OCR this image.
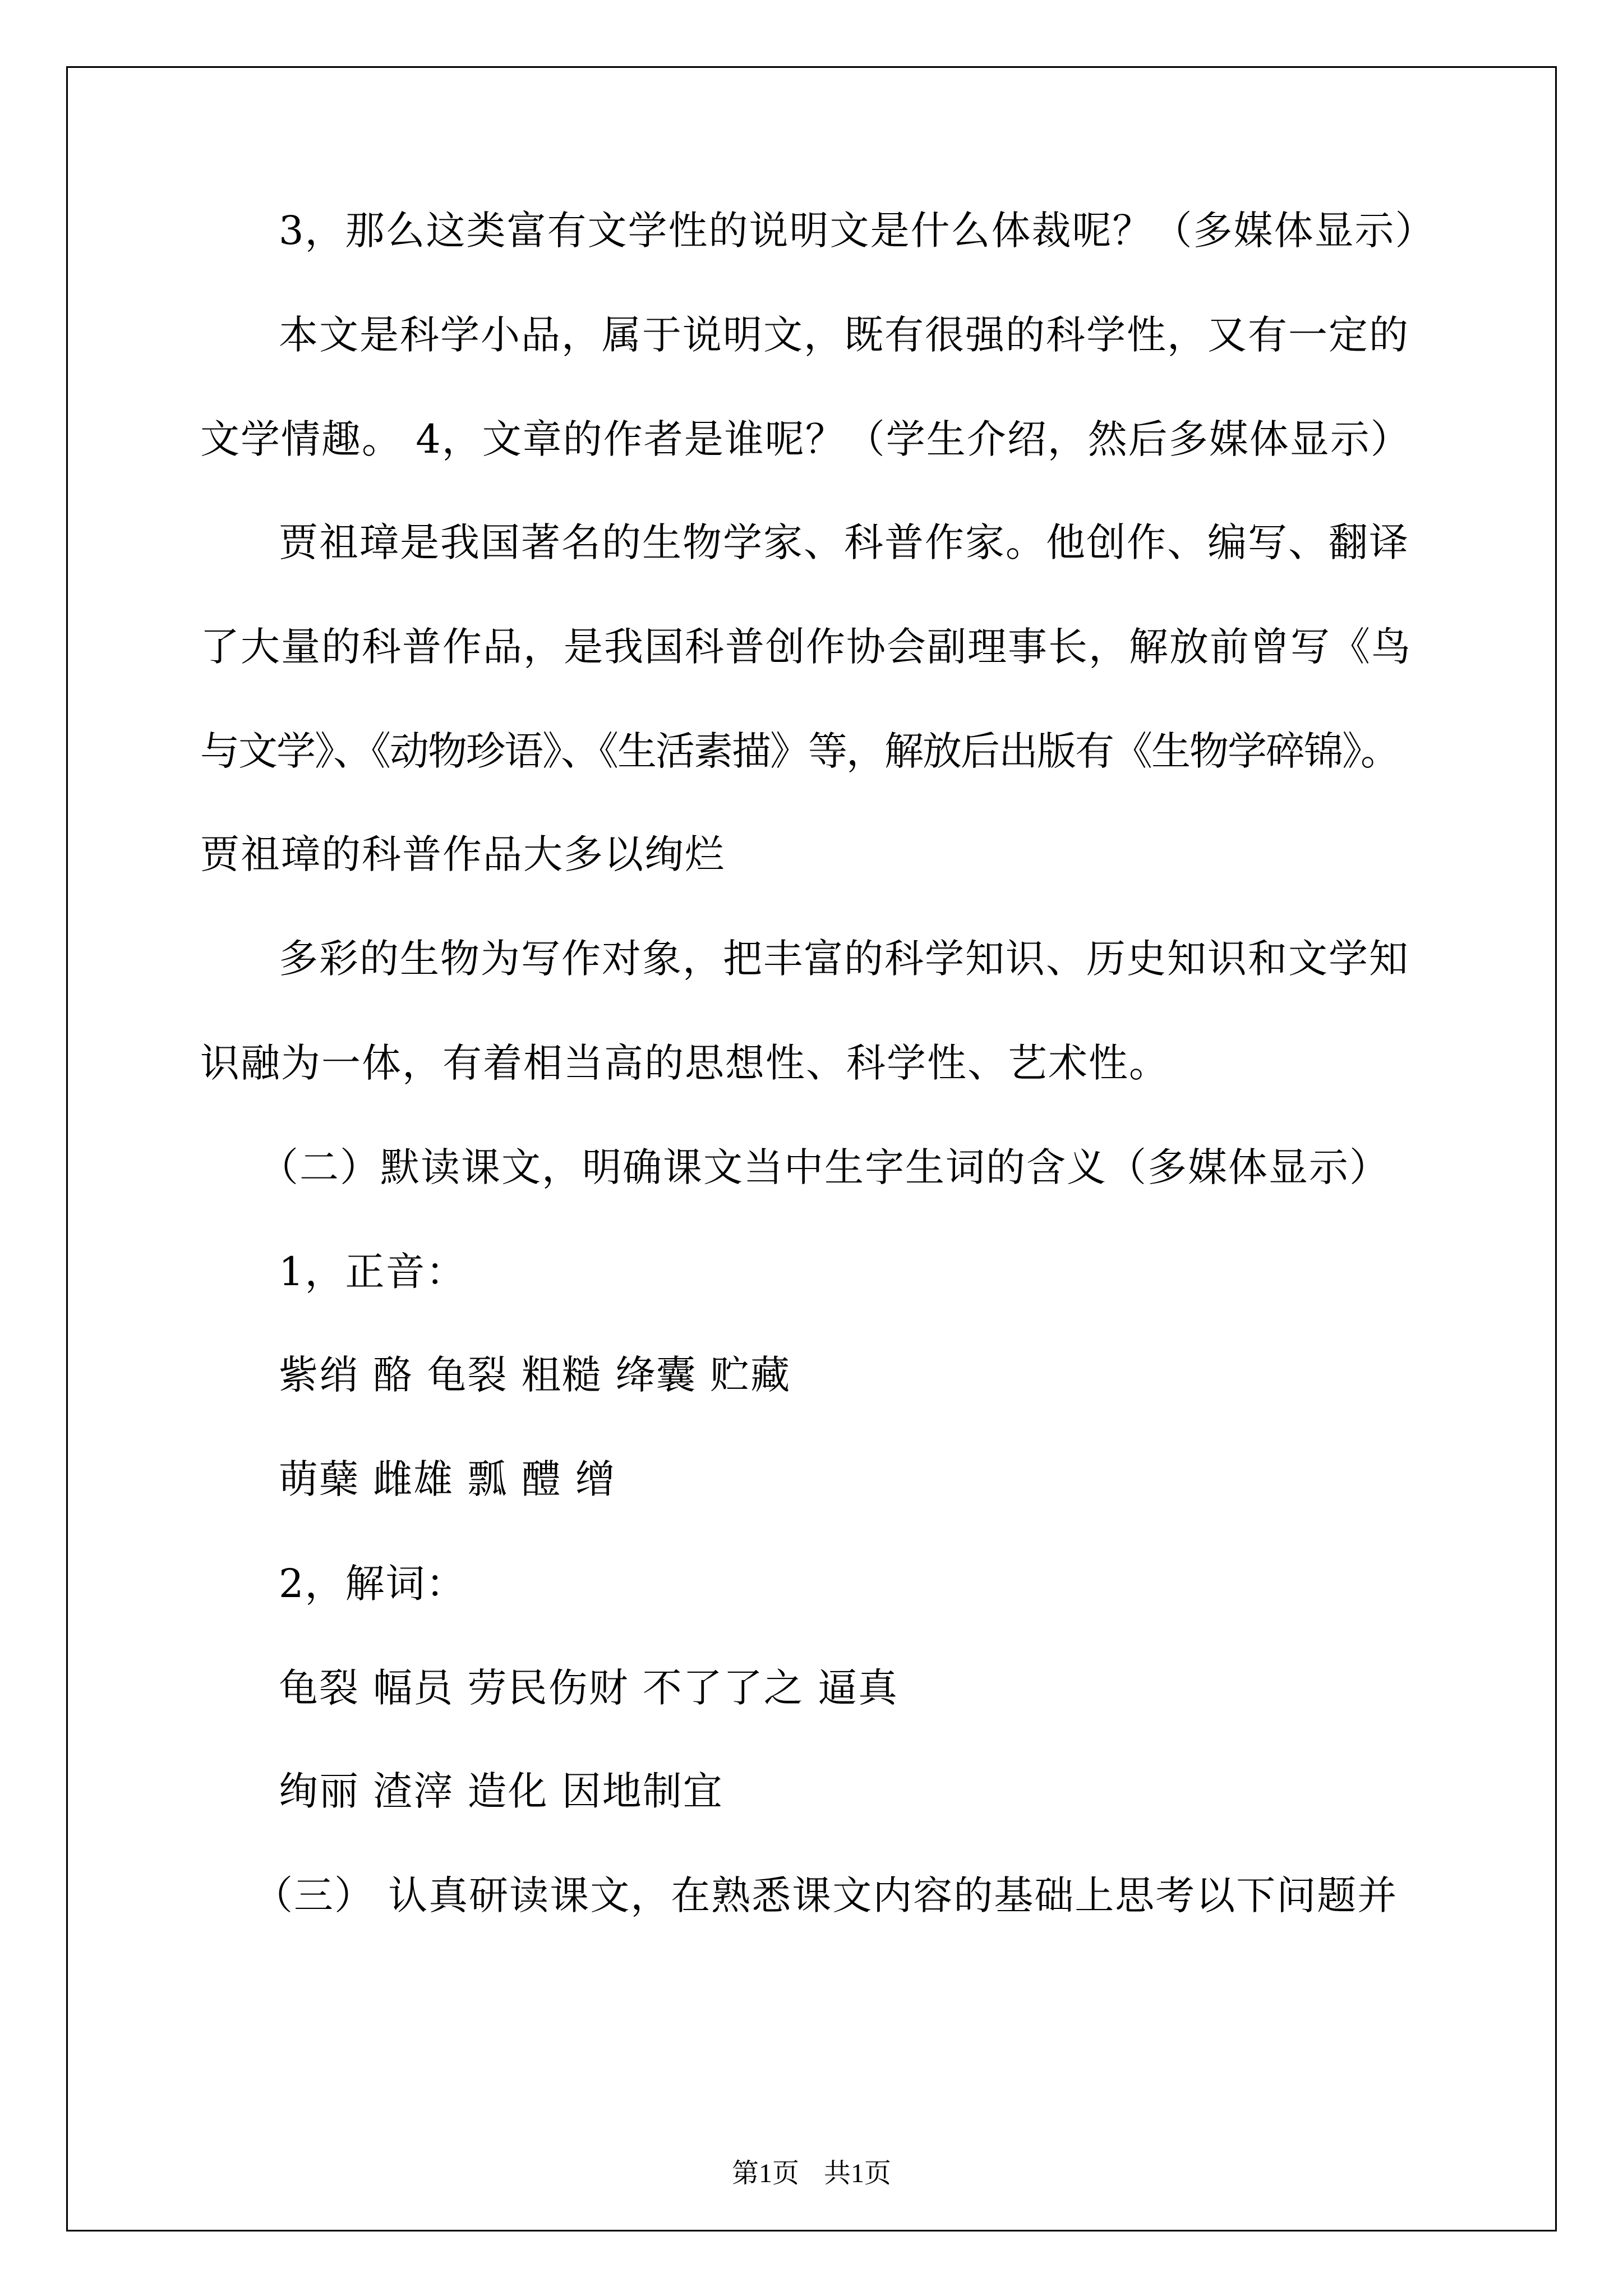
3，那么这类富有文学性的说明文是什么体裁呢？（多媒体显示）
本文是科学小品，属于说明文，既有很强的科学性，又有一定的
文学情趣。 4，文章的作者是谁呢？（学生介绍，然后多媒体显示）
贾祖璋是我国著名的生物学家、科普作家。他创作、编写、翻译
了大量的科普作品，是我国科普创作协会副理事长，解放前曾写《鸟
与文学》、《动物珍语》、《生活素描》等，解放后出版有《生物学碎锦》。
贾祖璋的科普作品大多以绚烂
多彩的生物为写作对象，把丰富的科学知识、历史知识和文学知
识融为一体，有着相当高的思想性、科学性、艺术性。
（二）默读课文，明确课文当中生字生词的含义（多媒体显示）
1，正音：
紫绡 酪 龟裂 粗糙 绛囊 贮藏
萌蘖 雌雄 瓢 醴 缯
2，解词：
龟裂 幅员 劳民伤财 不了了之 逼真
绚丽 渣滓 造化 因地制宜
（三） 认真研读课文，在熟悉课文内容的基础上思考以下问题并
第1页 共1页
